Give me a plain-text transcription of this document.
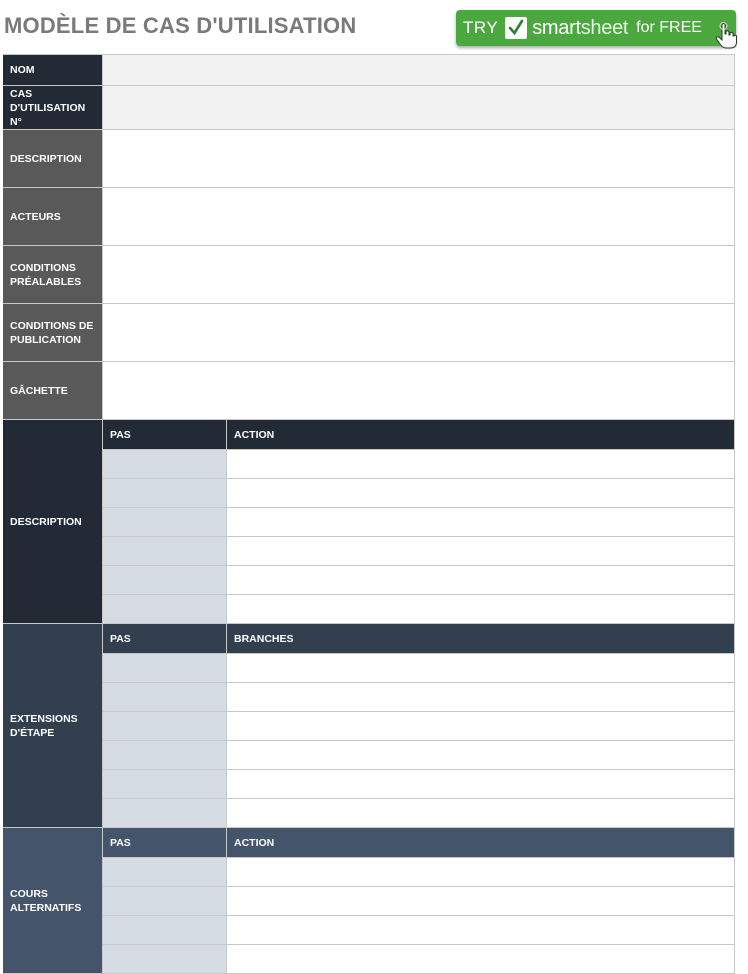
MODÈLE DE CAS D'UTILISATION	TRY smartsheet for FREE
NOM
CAS D'UTILISATION N°
DESCRIPTION
ACTEURS
CONDITIONS PRÉALABLES
CONDITIONS DE PUBLICATION
GÂCHETTE
DESCRIPTION
PAS	ACTION
EXTENSIONS D'ÉTAPE
PAS	BRANCHES
COURS ALTERNATIFS
PAS	ACTION
